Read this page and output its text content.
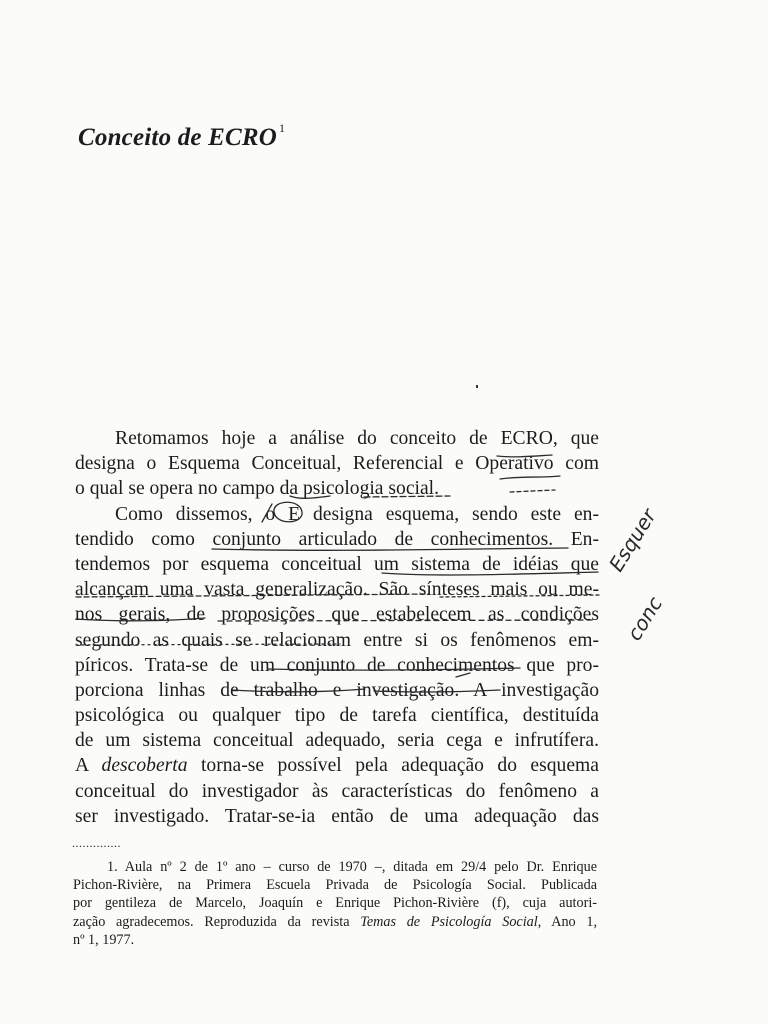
Conceito de ECRO $^1$
Retomamos hoje a análise do conceito de ECRO, que
designa o Esquema Conceitual, Referencial e Operativo com
o qual se opera no campo da psicologia social.
Como dissemos, o E designa esquema, sendo este en-
tendido como conjunto articulado de conhecimentos. En-
tendemos por esquema conceitual um sistema de idéias que
alcançam uma vasta generalização. São sínteses mais ou me-
nos gerais, de proposições que estabelecem as condições
segundo as quais se relacionam entre si os fenômenos em-
píricos. Trata-se de um conjunto de conhecimentos que pro-
porciona linhas de trabalho e investigação. A investigação
psicológica ou qualquer tipo de tarefa científica, destituída
de um sistema conceitual adequado, seria cega e infrutífera.
A descoberta torna-se possível pela adequação do esquema
conceitual do investigador às características do fenômeno a
ser investigado. Tratar-se-ia então de uma adequação das
Esquer
conc
..............
1. Aula nº 2 de 1º ano – curso de 1970 –, ditada em 29/4 pelo Dr. Enrique
Pichon-Rivière, na Primera Escuela Privada de Psicología Social. Publicada
por gentileza de Marcelo, Joaquín e Enrique Pichon-Rivière (f), cuja autori-
zação agradecemos. Reproduzida da revista Temas de Psicología Social, Ano 1,
nº 1, 1977.
